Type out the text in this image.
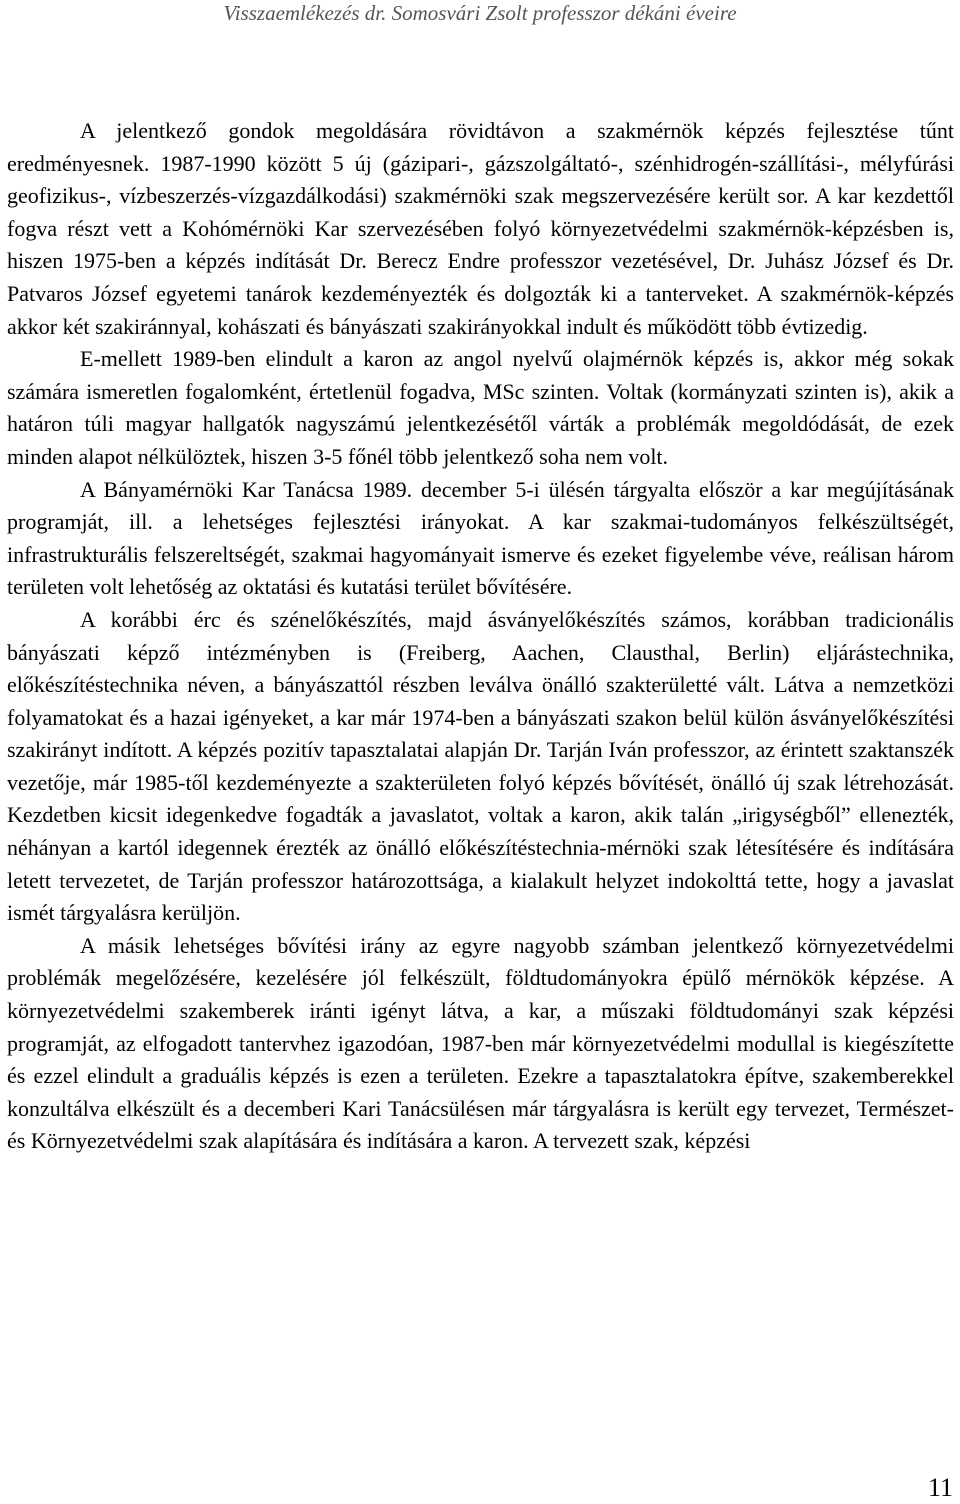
Visszaemlékezés dr. Somosvári Zsolt professzor dékáni éveire

A jelentkező gondok megoldására rövidtávon a szakmérnök képzés fejlesztése tűnt eredményesnek. 1987-1990 között 5 új (gázipari-, gázszolgáltató-, szénhidrogén-szállítási-, mélyfúrási geofizikus-, vízbeszerzés-vízgazdálkodási) szakmérnöki szak megszervezésére került sor. A kar kezdettől fogva részt vett a Kohómérnöki Kar szervezésében folyó környezetvédelmi szakmérnök-képzésben is, hiszen 1975-ben a képzés indítását Dr. Berecz Endre professzor vezetésével, Dr. Juhász József és Dr. Patvaros József egyetemi tanárok kezdeményezték és dolgozták ki a tanterveket. A szakmérnök-képzés akkor két szakiránnyal, kohászati és bányászati szakirányokkal indult és működött több évtizedig.

E-mellett 1989-ben elindult a karon az angol nyelvű olajmérnök képzés is, akkor még sokak számára ismeretlen fogalomként, értetlenül fogadva, MSc szinten. Voltak (kormányzati szinten is), akik a határon túli magyar hallgatók nagyszámú jelentkezésétől várták a problémák megoldódását, de ezek minden alapot nélkülöztek, hiszen 3-5 főnél több jelentkező soha nem volt.

A Bányamérnöki Kar Tanácsa 1989. december 5-i ülésén tárgyalta először a kar megújításának programját, ill. a lehetséges fejlesztési irányokat. A kar szakmai-tudományos felkészültségét, infrastrukturális felszereltségét, szakmai hagyományait ismerve és ezeket figyelembe véve, reálisan három területen volt lehetőség az oktatási és kutatási terület bővítésére.

A korábbi érc és szénelőkészítés, majd ásványelőkészítés számos, korábban tradicionális bányászati képző intézményben is (Freiberg, Aachen, Clausthal, Berlin) eljárástechnika, előkészítéstechnika néven, a bányászattól részben leválva önálló szakterületté vált. Látva a nemzetközi folyamatokat és a hazai igényeket, a kar már 1974-ben a bányászati szakon belül külön ásványelőkészítési szakirányt indított. A képzés pozitív tapasztalatai alapján Dr. Tarján Iván professzor, az érintett szaktanszék vezetője, már 1985-től kezdeményezte a szakterületen folyó képzés bővítését, önálló új szak létrehozását. Kezdetben kicsit idegenkedve fogadták a javaslatot, voltak a karon, akik talán „irigységből” ellenezték, néhányan a kartól idegennek érezték az önálló előkészítéstechnia-mérnöki szak létesítésére és indítására letett tervezetet, de Tarján professzor határozottsága, a kialakult helyzet indokolttá tette, hogy a javaslat ismét tárgyalásra kerüljön.

A másik lehetséges bővítési irány az egyre nagyobb számban jelentkező környezetvédelmi problémák megelőzésére, kezelésére jól felkészült, földtudományokra épülő mérnökök képzése. A környezetvédelmi szakemberek iránti igényt látva, a kar, a műszaki földtudományi szak képzési programját, az elfogadott tantervhez igazodóan, 1987-ben már környezetvédelmi modullal is kiegészítette és ezzel elindult a graduális képzés is ezen a területen. Ezekre a tapasztalatokra építve, szakemberekkel konzultálva elkészült és a decemberi Kari Tanácsülésen már tárgyalásra is került egy tervezet, Természet- és Környezetvédelmi szak alapítására és indítására a karon. A tervezett szak, képzési

11
